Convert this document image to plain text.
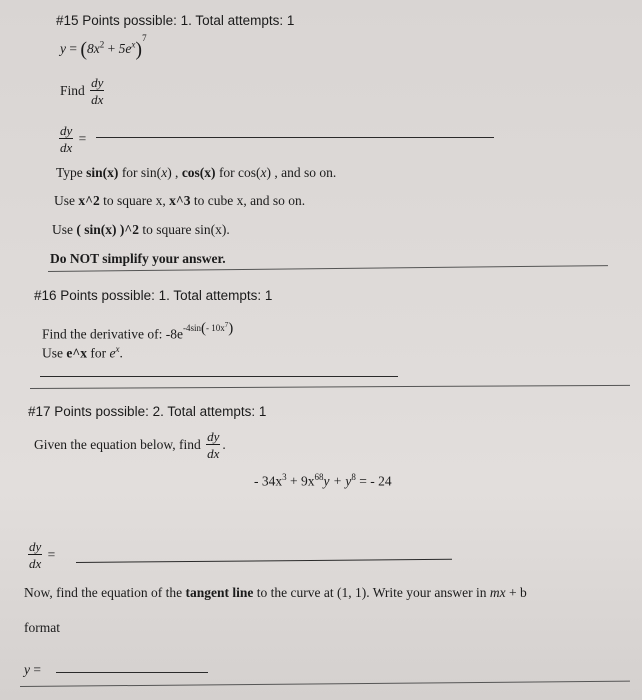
#15 Points possible: 1. Total attempts: 1
$y = (8x^2 + 5e^x)^7$
Find $\frac{dy}{dx}$
$\frac{dy}{dx}$ =
Type sin(x) for sin(x) , cos(x) for cos(x) , and so on.
Use x^2 to square x, x^3 to cube x, and so on.
Use ( sin(x) )^2 to square sin(x).
Do NOT simplify your answer.
#16 Points possible: 1. Total attempts: 1
Find the derivative of: $-8e^{-4sin(- 10x^7)}$
Use e^x for $e^x$.
#17 Points possible: 2. Total attempts: 1
Given the equation below, find $\frac{dy}{dx}$ .
- $34x^3 + 9x^{68}y + y^8$ = - 24
$\frac{dy}{dx}$ =
Now, find the equation of the tangent line to the curve at (1, 1). Write your answer in mx + b
format
y =
